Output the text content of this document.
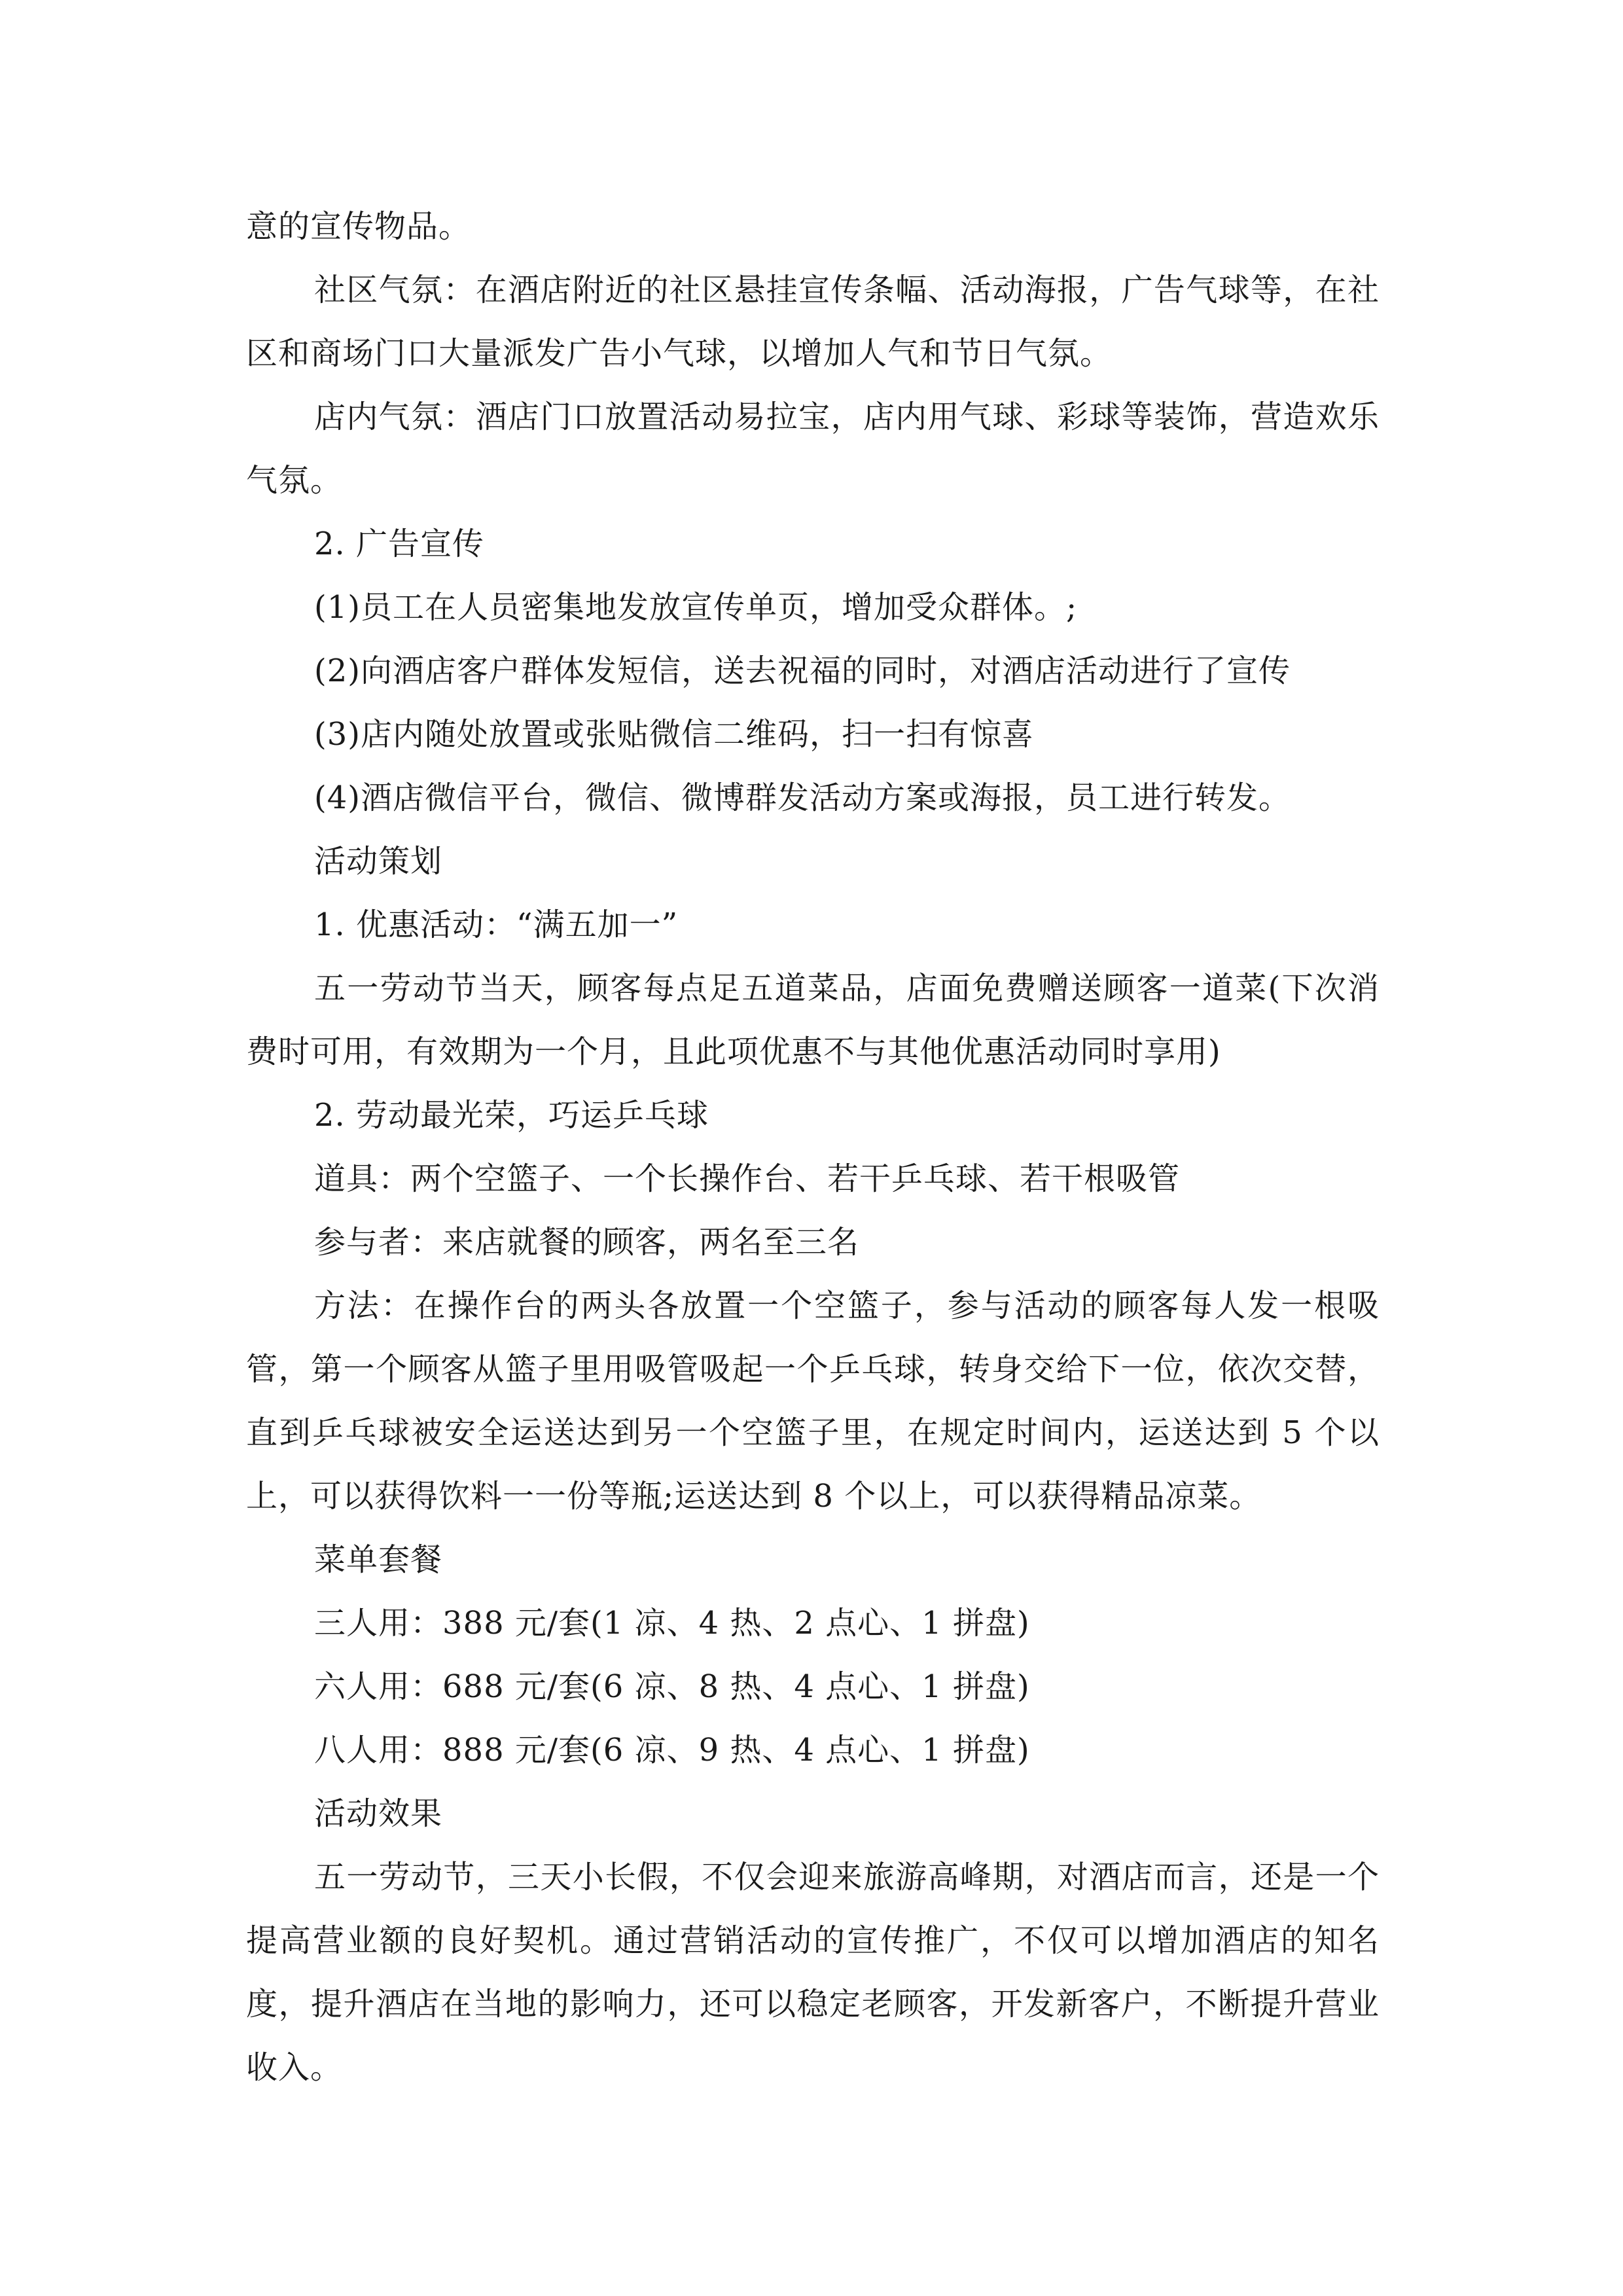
意的宣传物品。

社区气氛：在酒店附近的社区悬挂宣传条幅、活动海报，广告气球等，在社区和商场门口大量派发广告小气球，以增加人气和节日气氛。

店内气氛：酒店门口放置活动易拉宝，店内用气球、彩球等装饰，营造欢乐气氛。

2. 广告宣传

(1)员工在人员密集地发放宣传单页，增加受众群体。;

(2)向酒店客户群体发短信，送去祝福的同时，对酒店活动进行了宣传

(3)店内随处放置或张贴微信二维码，扫一扫有惊喜

(4)酒店微信平台，微信、微博群发活动方案或海报，员工进行转发。

活动策划

1. 优惠活动：“满五加一”

五一劳动节当天，顾客每点足五道菜品，店面免费赠送顾客一道菜(下次消费时可用，有效期为一个月，且此项优惠不与其他优惠活动同时享用)

2. 劳动最光荣，巧运乒乓球

道具：两个空篮子、一个长操作台、若干乒乓球、若干根吸管

参与者：来店就餐的顾客，两名至三名

方法：在操作台的两头各放置一个空篮子，参与活动的顾客每人发一根吸管，第一个顾客从篮子里用吸管吸起一个乒乓球，转身交给下一位，依次交替，直到乒乓球被安全运送达到另一个空篮子里，在规定时间内，运送达到 5 个以上，可以获得饮料一一份等瓶;运送达到 8 个以上，可以获得精品凉菜。

菜单套餐

三人用：388 元/套(1 凉、4 热、2 点心、1 拼盘)

六人用：688 元/套(6 凉、8 热、4 点心、1 拼盘)

八人用：888 元/套(6 凉、9 热、4 点心、1 拼盘)

活动效果

五一劳动节，三天小长假，不仅会迎来旅游高峰期，对酒店而言，还是一个提高营业额的良好契机。通过营销活动的宣传推广，不仅可以增加酒店的知名度，提升酒店在当地的影响力，还可以稳定老顾客，开发新客户，不断提升营业收入。
